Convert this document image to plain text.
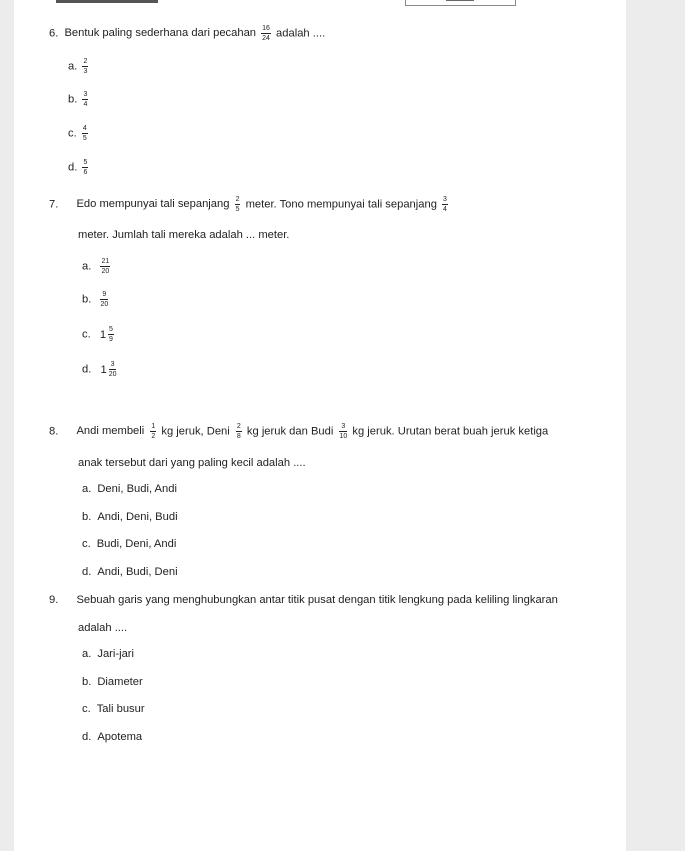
6. Bentuk paling sederhana dari pecahan $\frac{16}{24}$ adalah ....
a. $\frac{2}{3}$
b. $\frac{3}{4}$
c. $\frac{4}{5}$
d. $\frac{5}{6}$
7. Edo mempunyai tali sepanjang $\frac{2}{5}$ meter. Tono mempunyai tali sepanjang $\frac{3}{4}$
meter. Jumlah tali mereka adalah ... meter.
a. $\frac{21}{20}$
b. $\frac{9}{20}$
c. $1 \frac{5}{9}$
d. $1 \frac{3}{20}$
8. Andi membeli $\frac{1}{2}$ kg jeruk, Deni $\frac{2}{8}$ kg jeruk dan Budi $\frac{3}{10}$ kg jeruk. Urutan berat buah jeruk ketiga
anak tersebut dari yang paling kecil adalah ....
a. Deni, Budi, Andi
b. Andi, Deni, Budi
c. Budi, Deni, Andi
d. Andi, Budi, Deni
9. Sebuah garis yang menghubungkan antar titik pusat dengan titik lengkung pada keliling lingkaran
adalah ....
a. Jari-jari
b. Diameter
c. Tali busur
d. Apotema
